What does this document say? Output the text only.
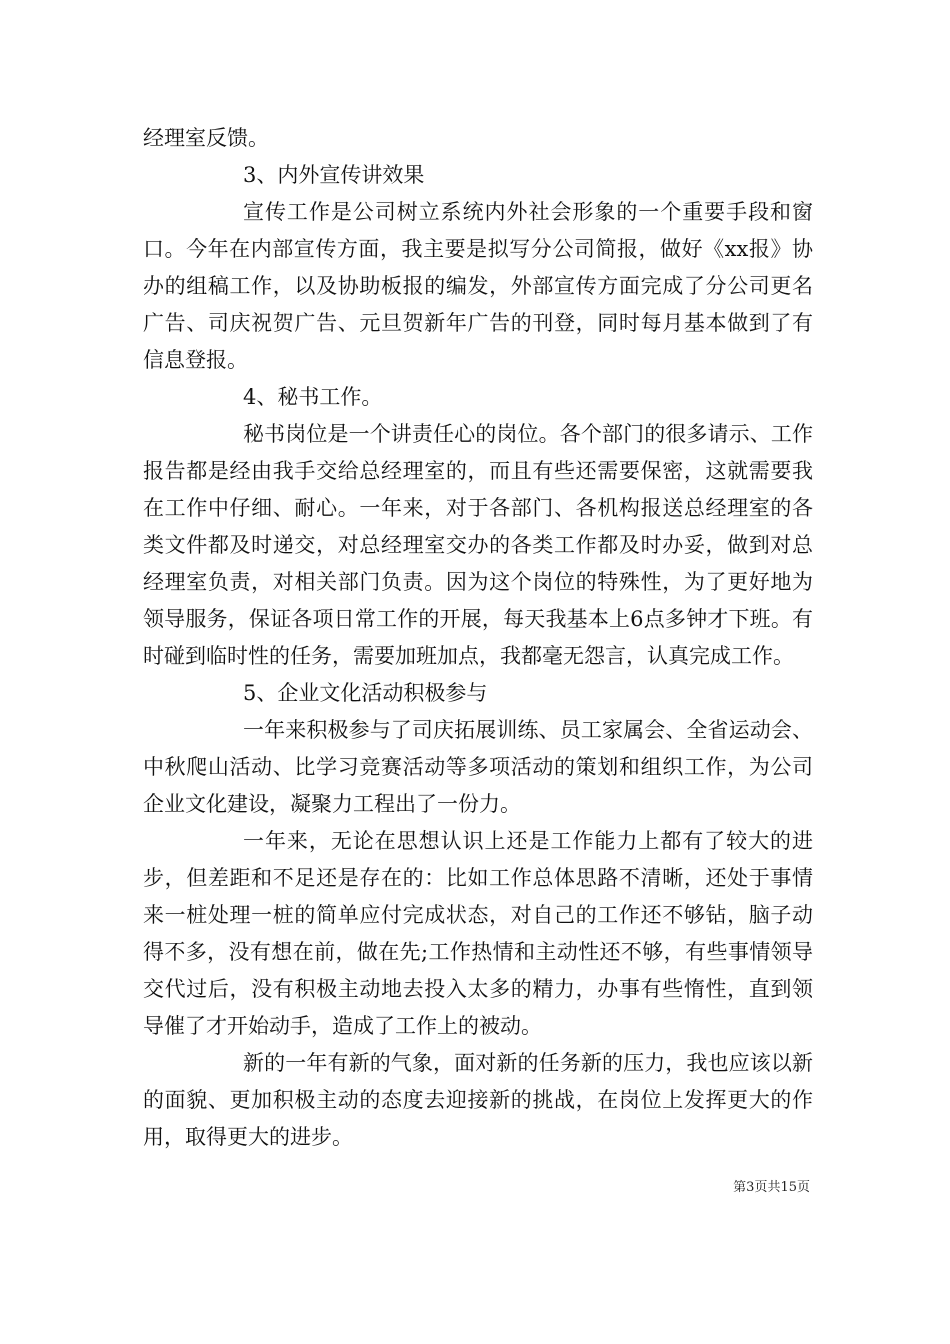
经理室反馈。

3、内外宣传讲效果

宣传工作是公司树立系统内外社会形象的一个重要手段和窗口。今年在内部宣传方面，我主要是拟写分公司简报，做好《xx报》协办的组稿工作，以及协助板报的编发，外部宣传方面完成了分公司更名广告、司庆祝贺广告、元旦贺新年广告的刊登，同时每月基本做到了有信息登报。

4、秘书工作。

秘书岗位是一个讲责任心的岗位。各个部门的很多请示、工作报告都是经由我手交给总经理室的，而且有些还需要保密，这就需要我在工作中仔细、耐心。一年来，对于各部门、各机构报送总经理室的各类文件都及时递交，对总经理室交办的各类工作都及时办妥，做到对总经理室负责，对相关部门负责。因为这个岗位的特殊性，为了更好地为领导服务，保证各项日常工作的开展，每天我基本上6点多钟才下班。有时碰到临时性的任务，需要加班加点，我都毫无怨言，认真完成工作。

5、企业文化活动积极参与

一年来积极参与了司庆拓展训练、员工家属会、全省运动会、中秋爬山活动、比学习竞赛活动等多项活动的策划和组织工作，为公司企业文化建设，凝聚力工程出了一份力。

一年来，无论在思想认识上还是工作能力上都有了较大的进步，但差距和不足还是存在的：比如工作总体思路不清晰，还处于事情来一桩处理一桩的简单应付完成状态，对自己的工作还不够钻，脑子动得不多，没有想在前，做在先;工作热情和主动性还不够，有些事情领导交代过后，没有积极主动地去投入太多的精力，办事有些惰性，直到领导催了才开始动手，造成了工作上的被动。

新的一年有新的气象，面对新的任务新的压力，我也应该以新的面貌、更加积极主动的态度去迎接新的挑战，在岗位上发挥更大的作用，取得更大的进步。

第3页共15页
